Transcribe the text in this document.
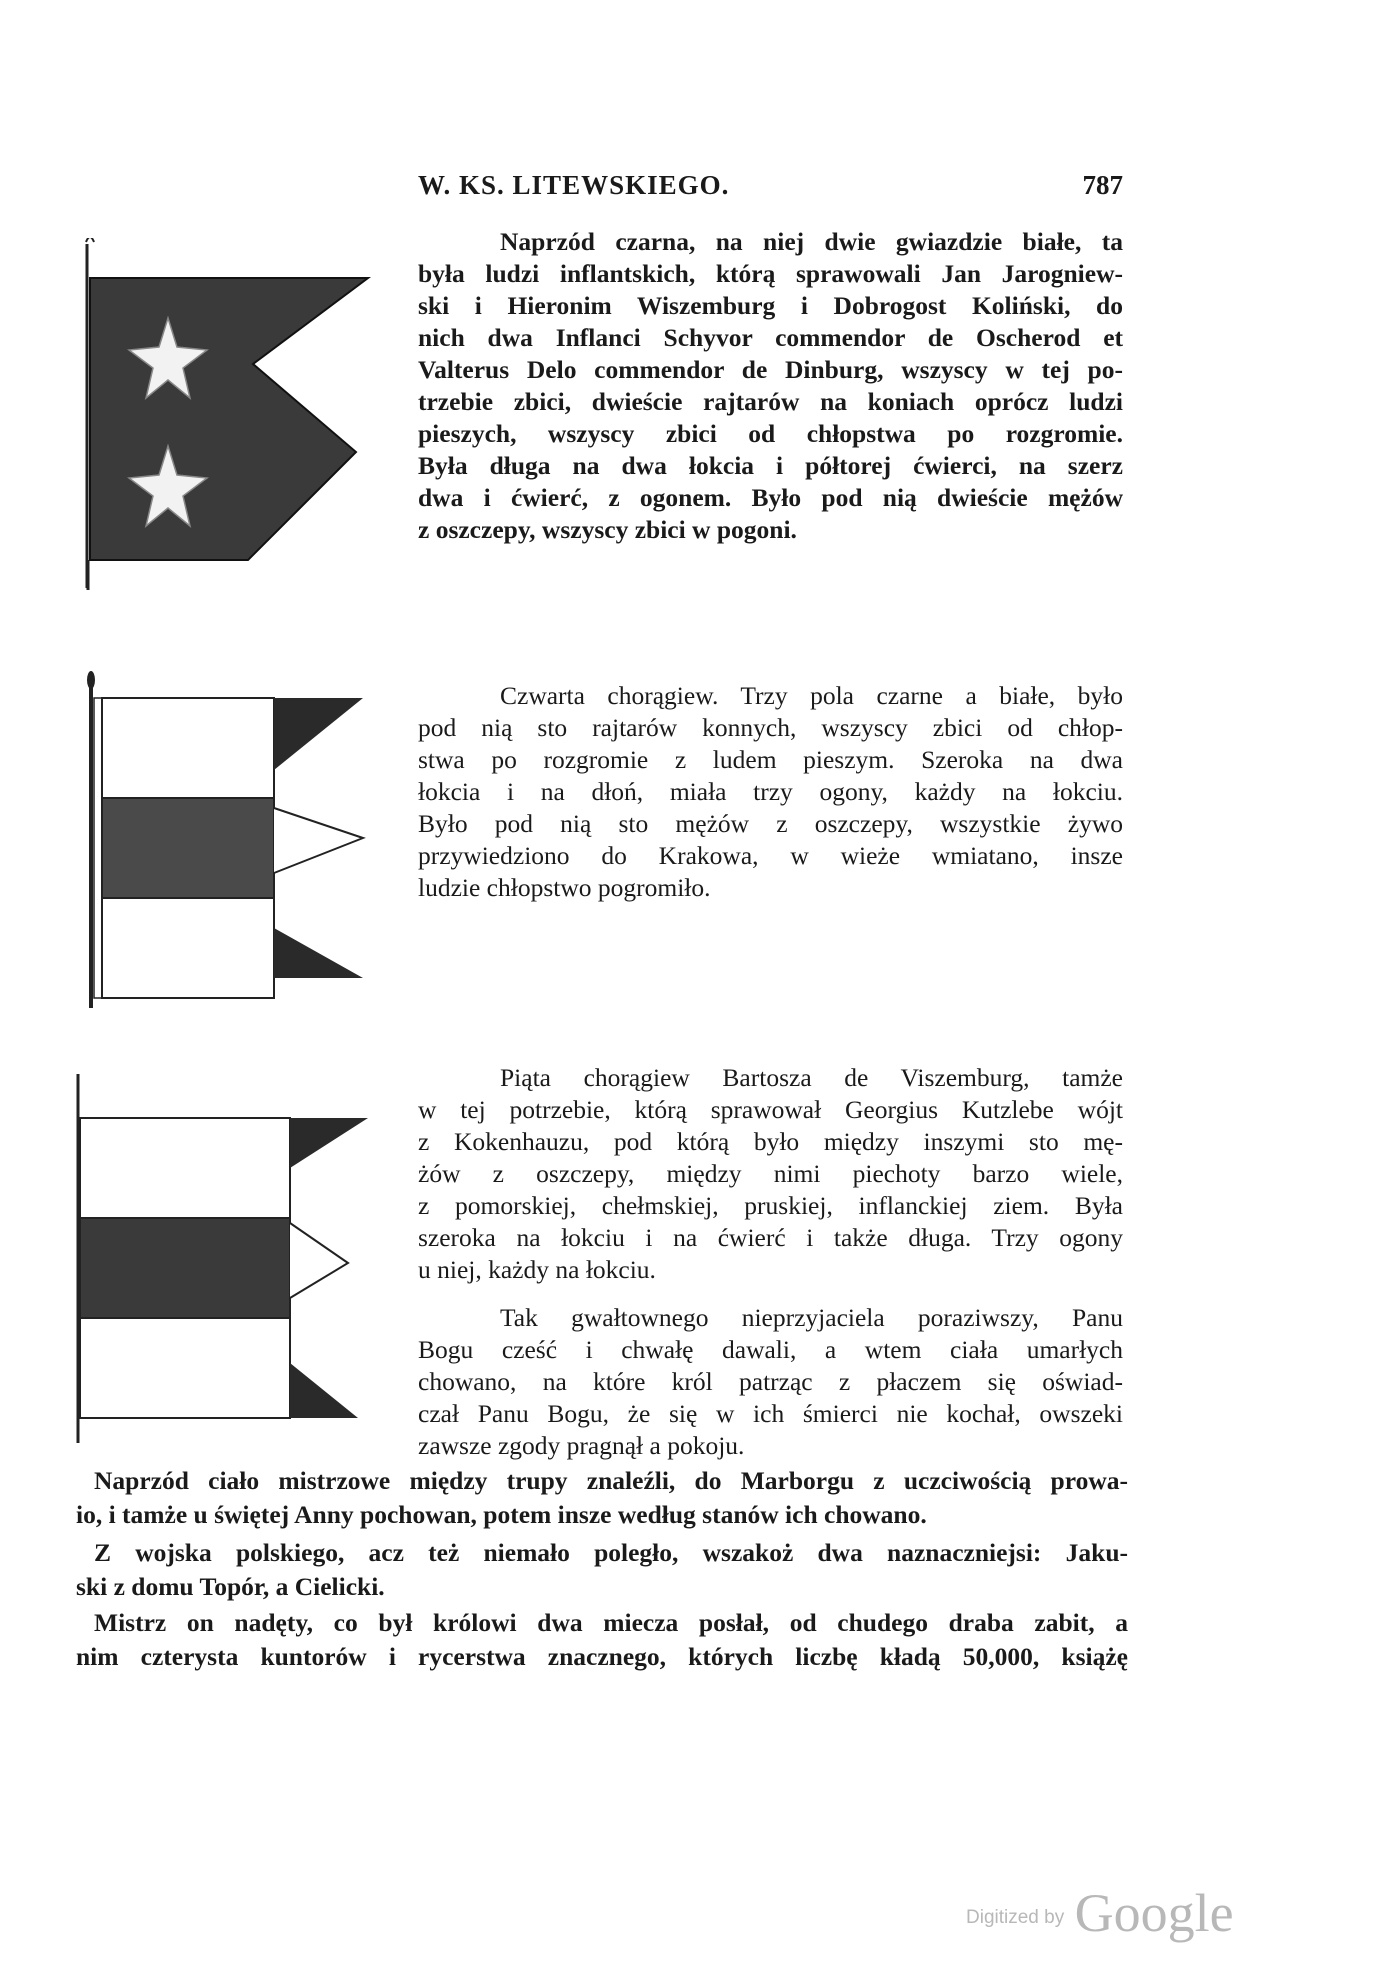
W. KS. LITEWSKIEGO.	787
Naprzód czarna, na niej dwie gwiazdzie białe, ta
była ludzi inflantskich, którą sprawowali Jan Jarogniew-
ski i Hieronim Wiszemburg i Dobrogost Koliński, do
nich dwa Inflanci Schyvor commendor de Oscherod et
Valterus Delo commendor de Dinburg, wszyscy w tej po-
trzebie zbici, dwieście rajtarów na koniach oprócz ludzi
pieszych, wszyscy zbici od chłopstwa po rozgromie.
Była długa na dwa łokcia i półtorej ćwierci, na szerz
dwa i ćwierć, z ogonem. Było pod nią dwieście mężów
z oszczepy, wszyscy zbici w pogoni.
Czwarta chorągiew. Trzy pola czarne a białe, było
pod nią sto rajtarów konnych, wszyscy zbici od chłop-
stwa po rozgromie z ludem pieszym. Szeroka na dwa
łokcia i na dłoń, miała trzy ogony, każdy na łokciu.
Było pod nią sto mężów z oszczepy, wszystkie żywo
przywiedziono do Krakowa, w wieże wmiatano, insze
ludzie chłopstwo pogromiło.
Piąta chorągiew Bartosza de Viszemburg, tamże
w tej potrzebie, którą sprawował Georgius Kutzlebe wójt
z Kokenhauzu, pod którą było między inszymi sto mę-
żów z oszczepy, między nimi piechoty barzo wiele,
z pomorskiej, chełmskiej, pruskiej, inflanckiej ziem. Była
szeroka na łokciu i na ćwierć i także długa. Trzy ogony
u niej, każdy na łokciu.
Tak gwałtownego nieprzyjaciela poraziwszy, Panu
Bogu cześć i chwałę dawali, a wtem ciała umarłych
chowano, na które król patrząc z płaczem się oświad-
czał Panu Bogu, że się w ich śmierci nie kochał, owszeki
zawsze zgody pragnął a pokoju.
Naprzód ciało mistrzowe między trupy znaleźli, do Marborgu z uczciwością prowa-
io, i tamże u świętej Anny pochowan, potem insze według stanów ich chowano.
Z wojska polskiego, acz też niemało poległo, wszakoż dwa naznaczniejsi: Jaku-
ski z domu Topór, a Cielicki.
Mistrz on nadęty, co był królowi dwa miecza posłał, od chudego draba zabit, a
nim czterysta kuntorów i rycerstwa znacznego, których liczbę kładą 50,000, książę
Digitized by Google
